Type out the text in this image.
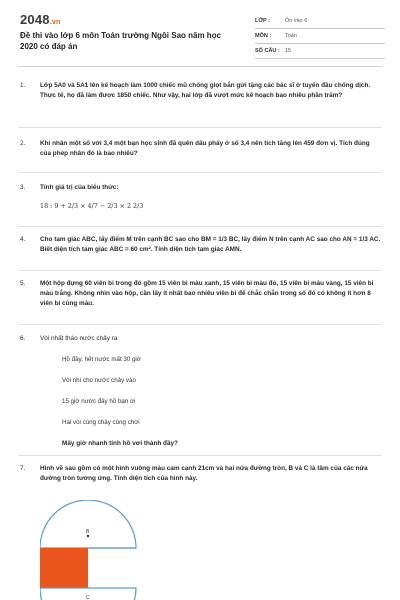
2048.vn
Đề thi vào lớp 6 môn Toán trường Ngôi Sao năm học 2020 có đáp án
LỚP :	Ôn vào 6
MÔN :	Toán
SỐ CÂU : 15
1.	Lớp 5A0 và 5A1 lên kế hoạch làm 1000 chiếc mũ chống giọt bắn gửi tặng các bác sĩ ở tuyến đầu chống dịch. Thực tế, họ đã làm được 1850 chiếc. Như vậy, hai lớp đã vượt mức kế hoạch bao nhiêu phần trăm?
2.	Khi nhân một số với 3,4 một bạn học sinh đã quên dấu phẩy ở số 3,4 nên tích tăng lên 459 đơn vị. Tích đúng của phép nhân đó là bao nhiêu?
3.	Tính giá trị của biểu thức:
18 : 9 + 2/3 × 4/7 − 2/3 × 2 2/3
4.	Cho tam giác ABC, lấy điểm M trên cạnh BC sao cho BM = 1/3 BC, lấy điểm N trên cạnh AC sao cho AN = 1/3 AC. Biết diện tích tam giác ABC = 60 cm². Tính diện tích tam giác AMN.
5.	Một hộp đựng 60 viên bi trong đó gồm 15 viên bi màu xanh, 15 viên bi màu đỏ, 15 viên bi màu vàng, 15 viên bi màu trắng. Không nhìn vào hộp, cần lấy ít nhất bao nhiêu viên bi để chắc chắn trong số đó có không ít hơn 8 viên bi cùng màu.
6.	Vòi nhất tháo nước chảy ra
Hồ đầy, hết nước mất 30 giờ
Vòi nhì cho nước chảy vào
15 giờ nước đầy hồ bạn ơi
Hai vòi cùng chảy cùng chơi
Mấy giờ nhanh tính hồ vơi thành đầy?
7.	Hình vẽ sau gồm có một hình vuông màu cam cạnh 21cm và hai nửa đường tròn, B và C là tâm của các nửa đường tròn tương ứng. Tính diện tích của hình này.
B
C
